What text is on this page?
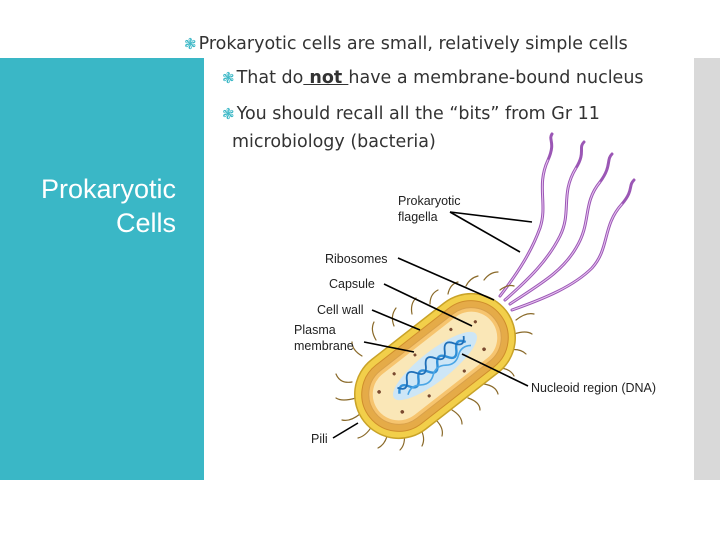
Prokaryotic
Cells
❃ Prokaryotic cells are small, relatively simple cells
❃ That do not have a membrane-bound nucleus
❃ You should recall all the “bits” from Gr 11
microbiology (bacteria)
Prokaryotic
flagella
Ribosomes
Capsule
Cell wall
Plasma
membrane
Nucleoid region (DNA)
Pili
